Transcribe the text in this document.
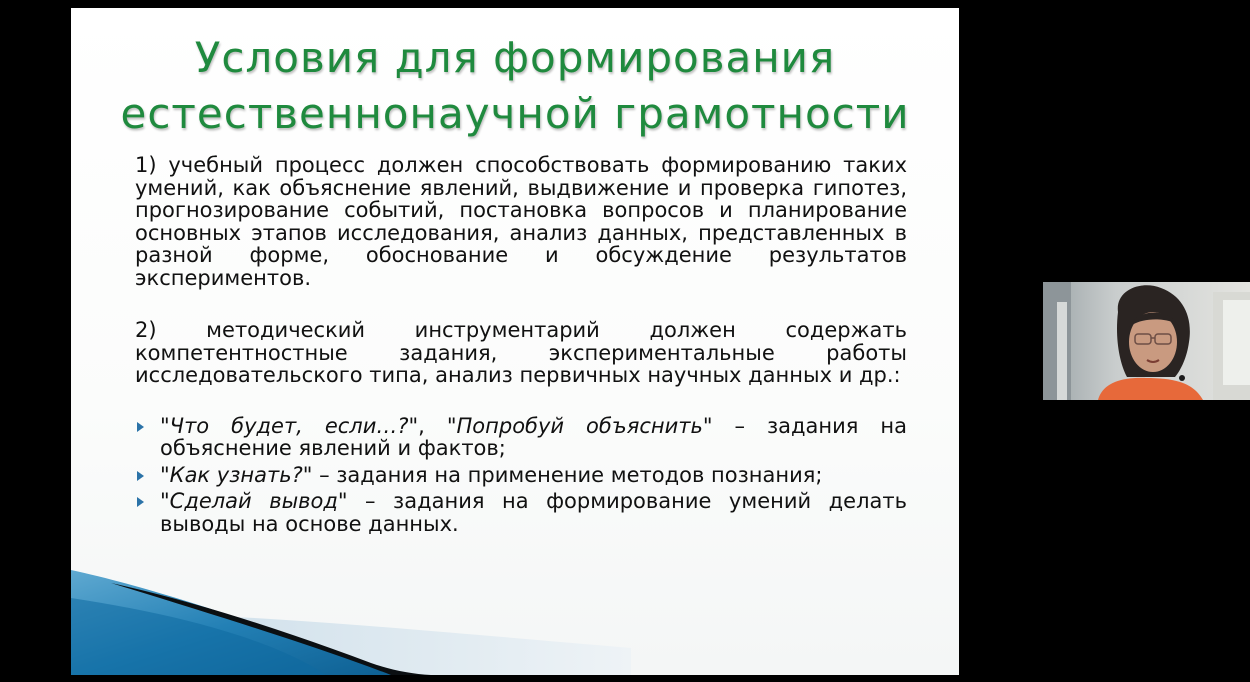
Условия для формирования
естественнонаучной грамотности

1) учебный процесс должен способствовать формированию таких умений, как объяснение явлений, выдвижение и проверка гипотез, прогнозирование событий, постановка вопросов и планирование основных этапов исследования, анализ данных, представленных в разной форме, обоснование и обсуждение результатов экспериментов.

2) методический инструментарий должен содержать компетентностные задания, экспериментальные работы исследовательского типа, анализ первичных научных данных и др.:

"Что будет, если…?", "Попробуй объяснить" – задания на объяснение явлений и фактов;
"Как узнать?" – задания на применение методов познания;
"Сделай вывод" – задания на формирование умений делать выводы на основе данных.
